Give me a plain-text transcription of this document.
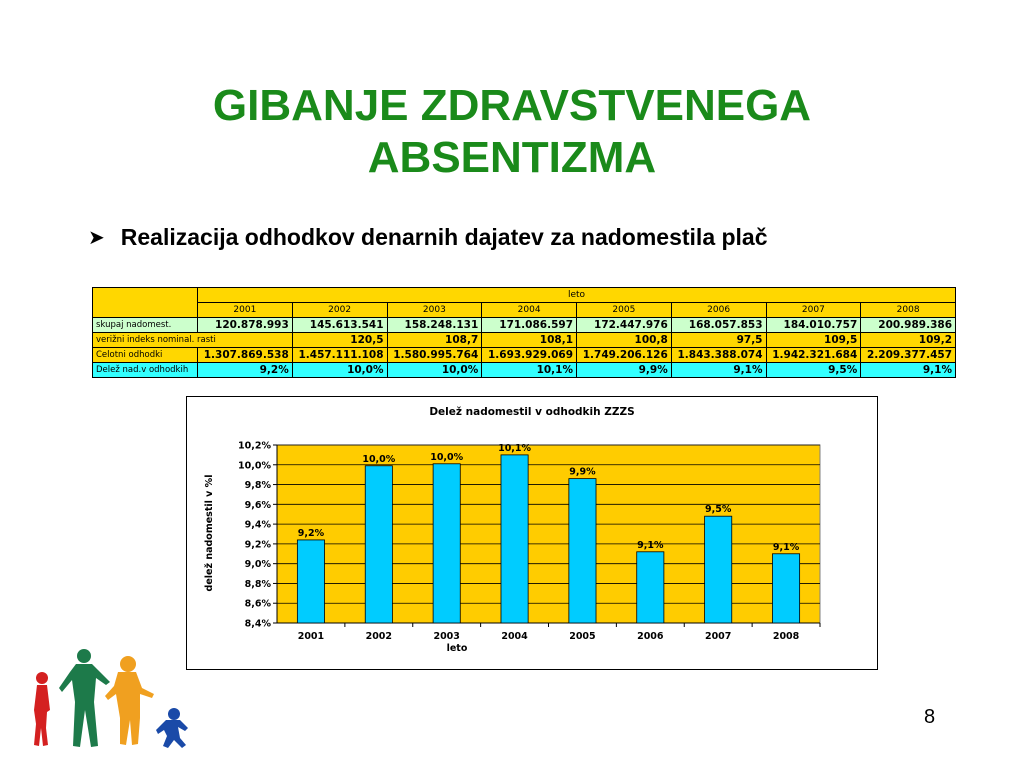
GIBANJE ZDRAVSTVENEGA
ABSENTIZMA
➤ Realizacija odhodkov denarnih dajatev za nadomestila plač
	leto							
	2001	2002	2003	2004	2005	2006	2007	2008
skupaj nadomest.	120.878.993	145.613.541	158.248.131	171.086.597	172.447.976	168.057.853	184.010.757	200.989.386
verižni indeks nominal. rasti		120,5	108,7	108,1	100,8	97,5	109,5	109,2
Celotni odhodki	1.307.869.538	1.457.111.108	1.580.995.764	1.693.929.069	1.749.206.126	1.843.388.074	1.942.321.684	2.209.377.457
Delež nad.v odhodkih	9,2%	10,0%	10,0%	10,1%	9,9%	9,1%	9,5%	9,1%
Delež nadomestil v odhodkih ZZZS
leto
delež nadomestil v %l
8,4%
8,6%
8,8%
9,0%
9,2%
9,4%
9,6%
9,8%
10,0%
10,2%
9,2%
2001
10,0%
2002
10,0%
2003
10,1%
2004
9,9%
2005
9,1%
2006
9,5%
2007
9,1%
2008
8
